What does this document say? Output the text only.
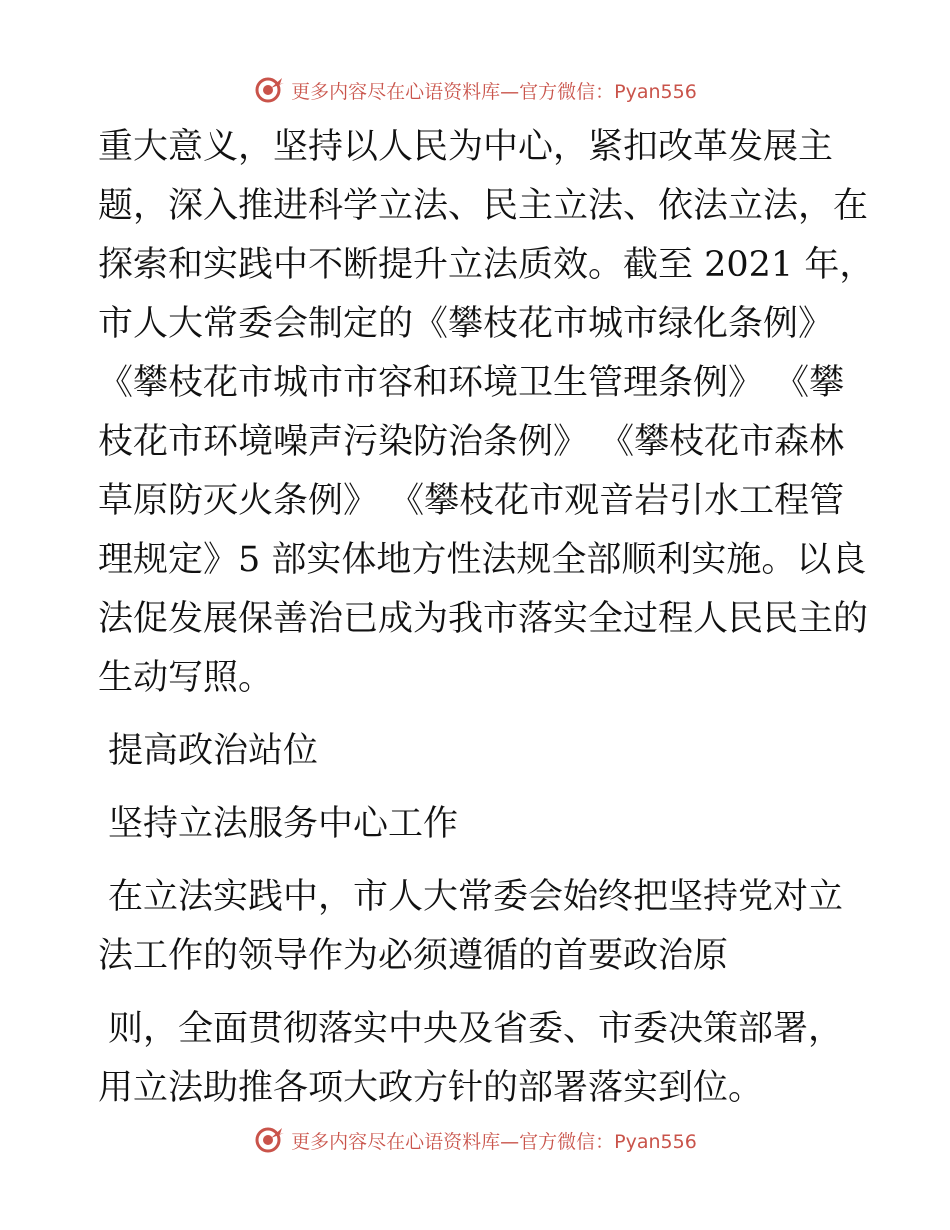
更多内容尽在心语资料库—官方微信：Pyan556

重大意义，坚持以人民为中心，紧扣改革发展主
题，深入推进科学立法、民主立法、依法立法，在
探索和实践中不断提升立法质效。截至 2021 年，
市人大常委会制定的《攀枝花市城市绿化条例》
《攀枝花市城市市容和环境卫生管理条例》 《攀
枝花市环境噪声污染防治条例》 《攀枝花市森林
草原防灭火条例》 《攀枝花市观音岩引水工程管
理规定》5 部实体地方性法规全部顺利实施。以良
法促发展保善治已成为我市落实全过程人民民主的
生动写照。

提高政治站位

坚持立法服务中心工作

在立法实践中，市人大常委会始终把坚持党对立
法工作的领导作为必须遵循的首要政治原

则，全面贯彻落实中央及省委、市委决策部署，
用立法助推各项大政方针的部署落实到位。

更多内容尽在心语资料库—官方微信：Pyan556
